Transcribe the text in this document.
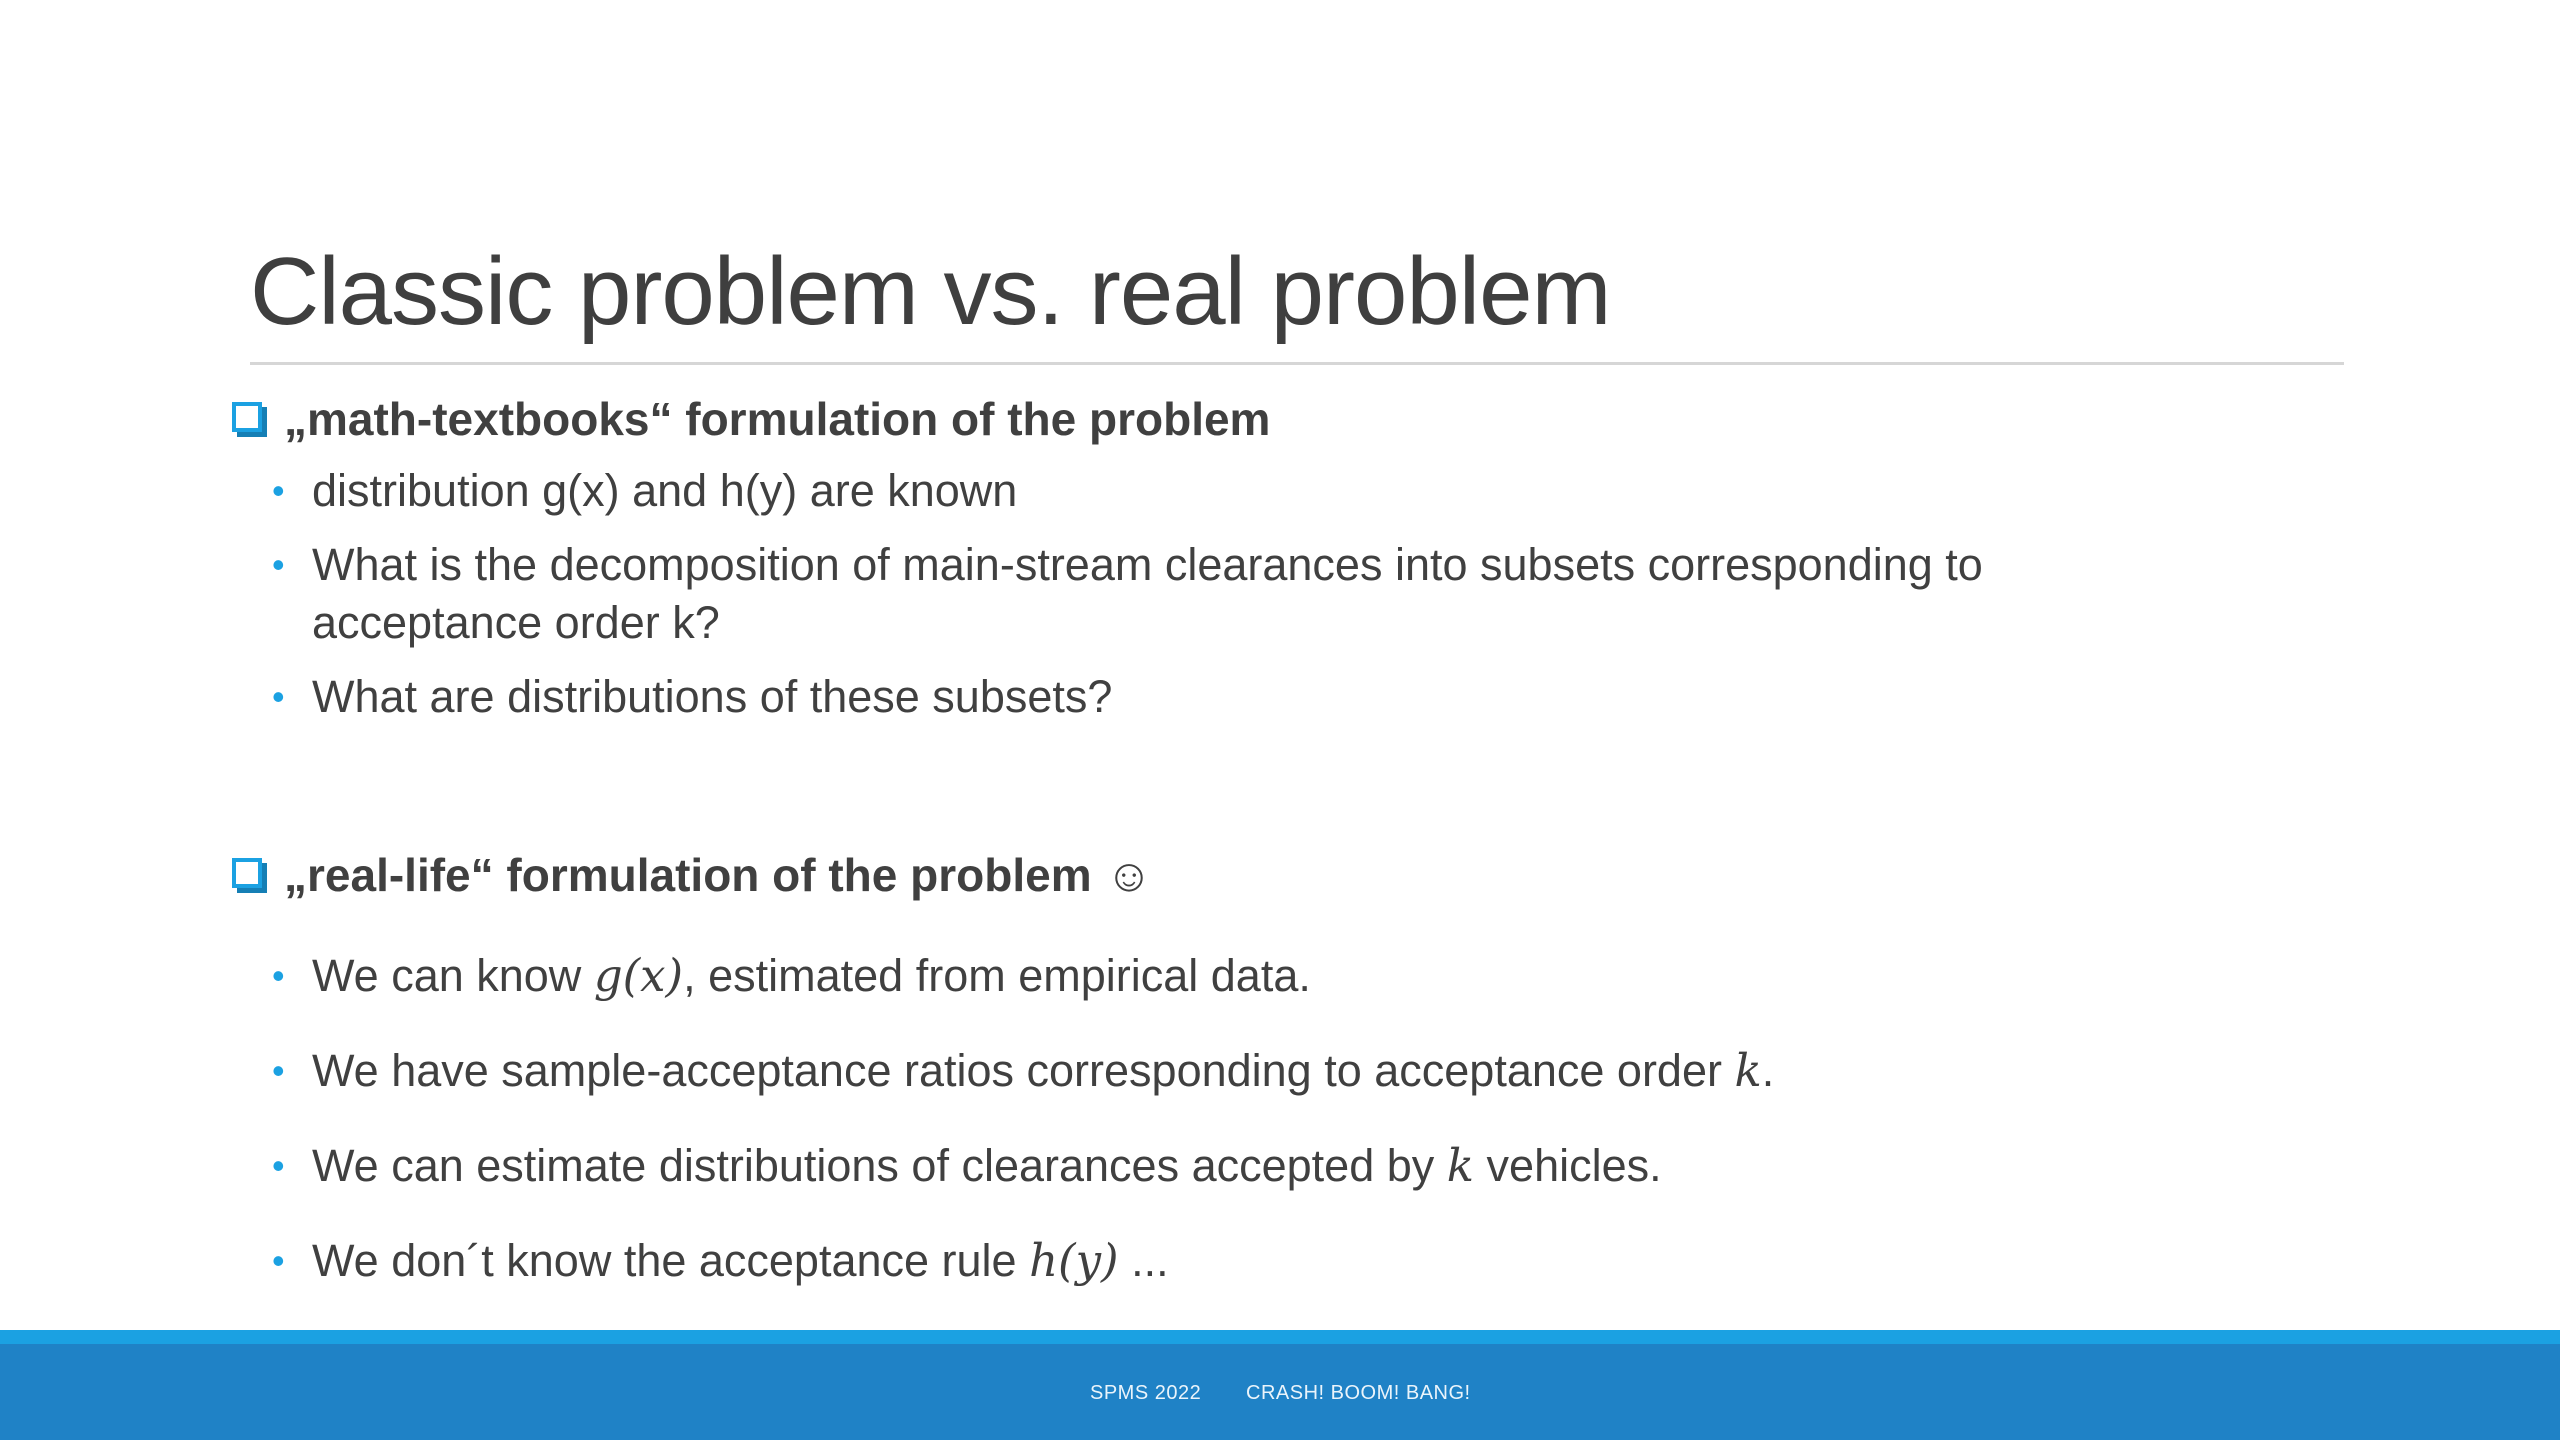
Classic problem vs. real problem
„math-textbooks“ formulation of the problem
• distribution g(x) and h(y) are known
• What is the decomposition of main-stream clearances into subsets corresponding to
acceptance order k?
• What are distributions of these subsets?
„real-life“ formulation of the problem ☺
• We can know g(x), estimated from empirical data.
• We have sample-acceptance ratios corresponding to acceptance order k.
• We can estimate distributions of clearances accepted by k vehicles.
• We don´t know the acceptance rule h(y) ...
SPMS 2022 CRASH! BOOM! BANG!
